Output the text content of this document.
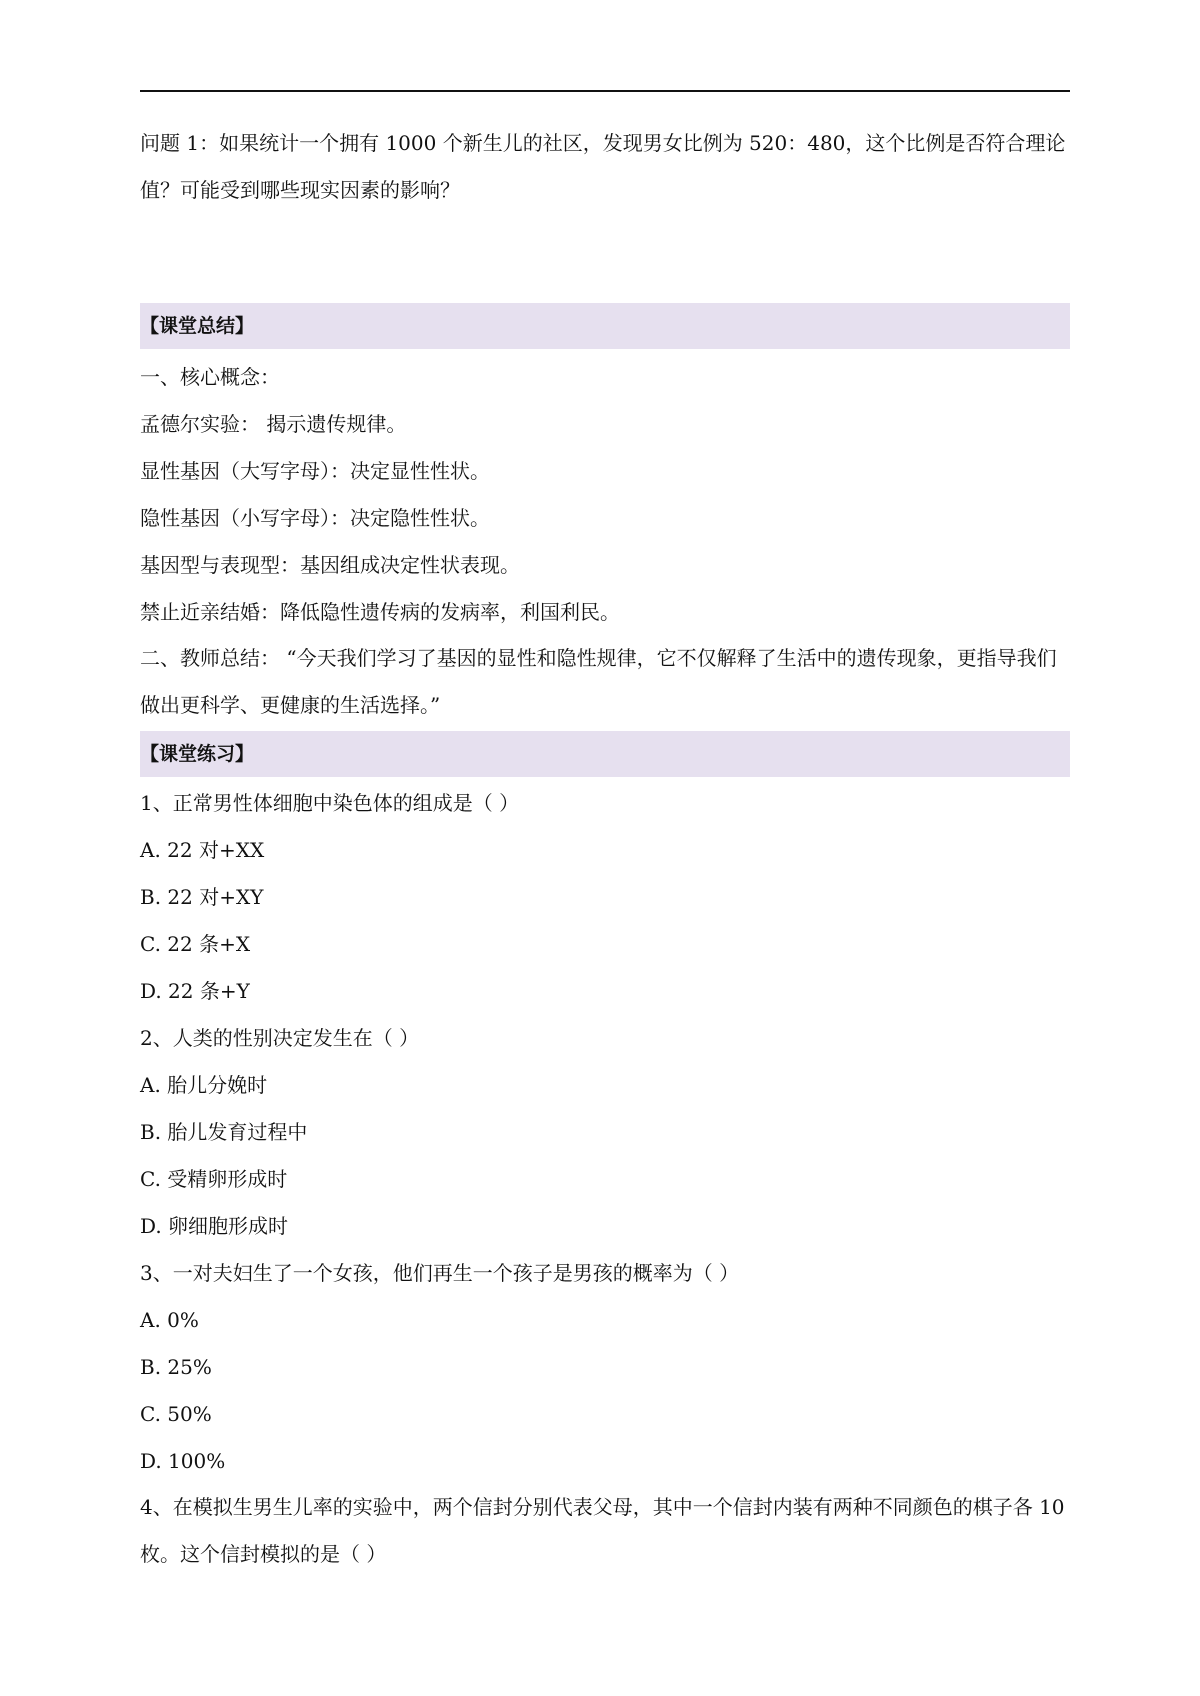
问题 1：如果统计一个拥有 1000 个新生儿的社区，发现男女比例为 520：480，这个比例是否符合理论值？可能受到哪些现实因素的影响？
【课堂总结】
一、核心概念：
孟德尔实验： 揭示遗传规律。
显性基因（大写字母）：决定显性性状。
隐性基因（小写字母）：决定隐性性状。
基因型与表现型：基因组成决定性状表现。
禁止近亲结婚：降低隐性遗传病的发病率，利国利民。
二、教师总结： “今天我们学习了基因的显性和隐性规律，它不仅解释了生活中的遗传现象，更指导我们做出更科学、更健康的生活选择。”
【课堂练习】
1、正常男性体细胞中染色体的组成是（ ）
A. 22 对+XX
B. 22 对+XY
C. 22 条+X
D. 22 条+Y
2、人类的性别决定发生在（ ）
A. 胎儿分娩时
B. 胎儿发育过程中
C. 受精卵形成时
D. 卵细胞形成时
3、一对夫妇生了一个女孩，他们再生一个孩子是男孩的概率为（ ）
A. 0%
B. 25%
C. 50%
D. 100%
4、在模拟生男生儿率的实验中，两个信封分别代表父母，其中一个信封内装有两种不同颜色的棋子各 10 枚。这个信封模拟的是（ ）
